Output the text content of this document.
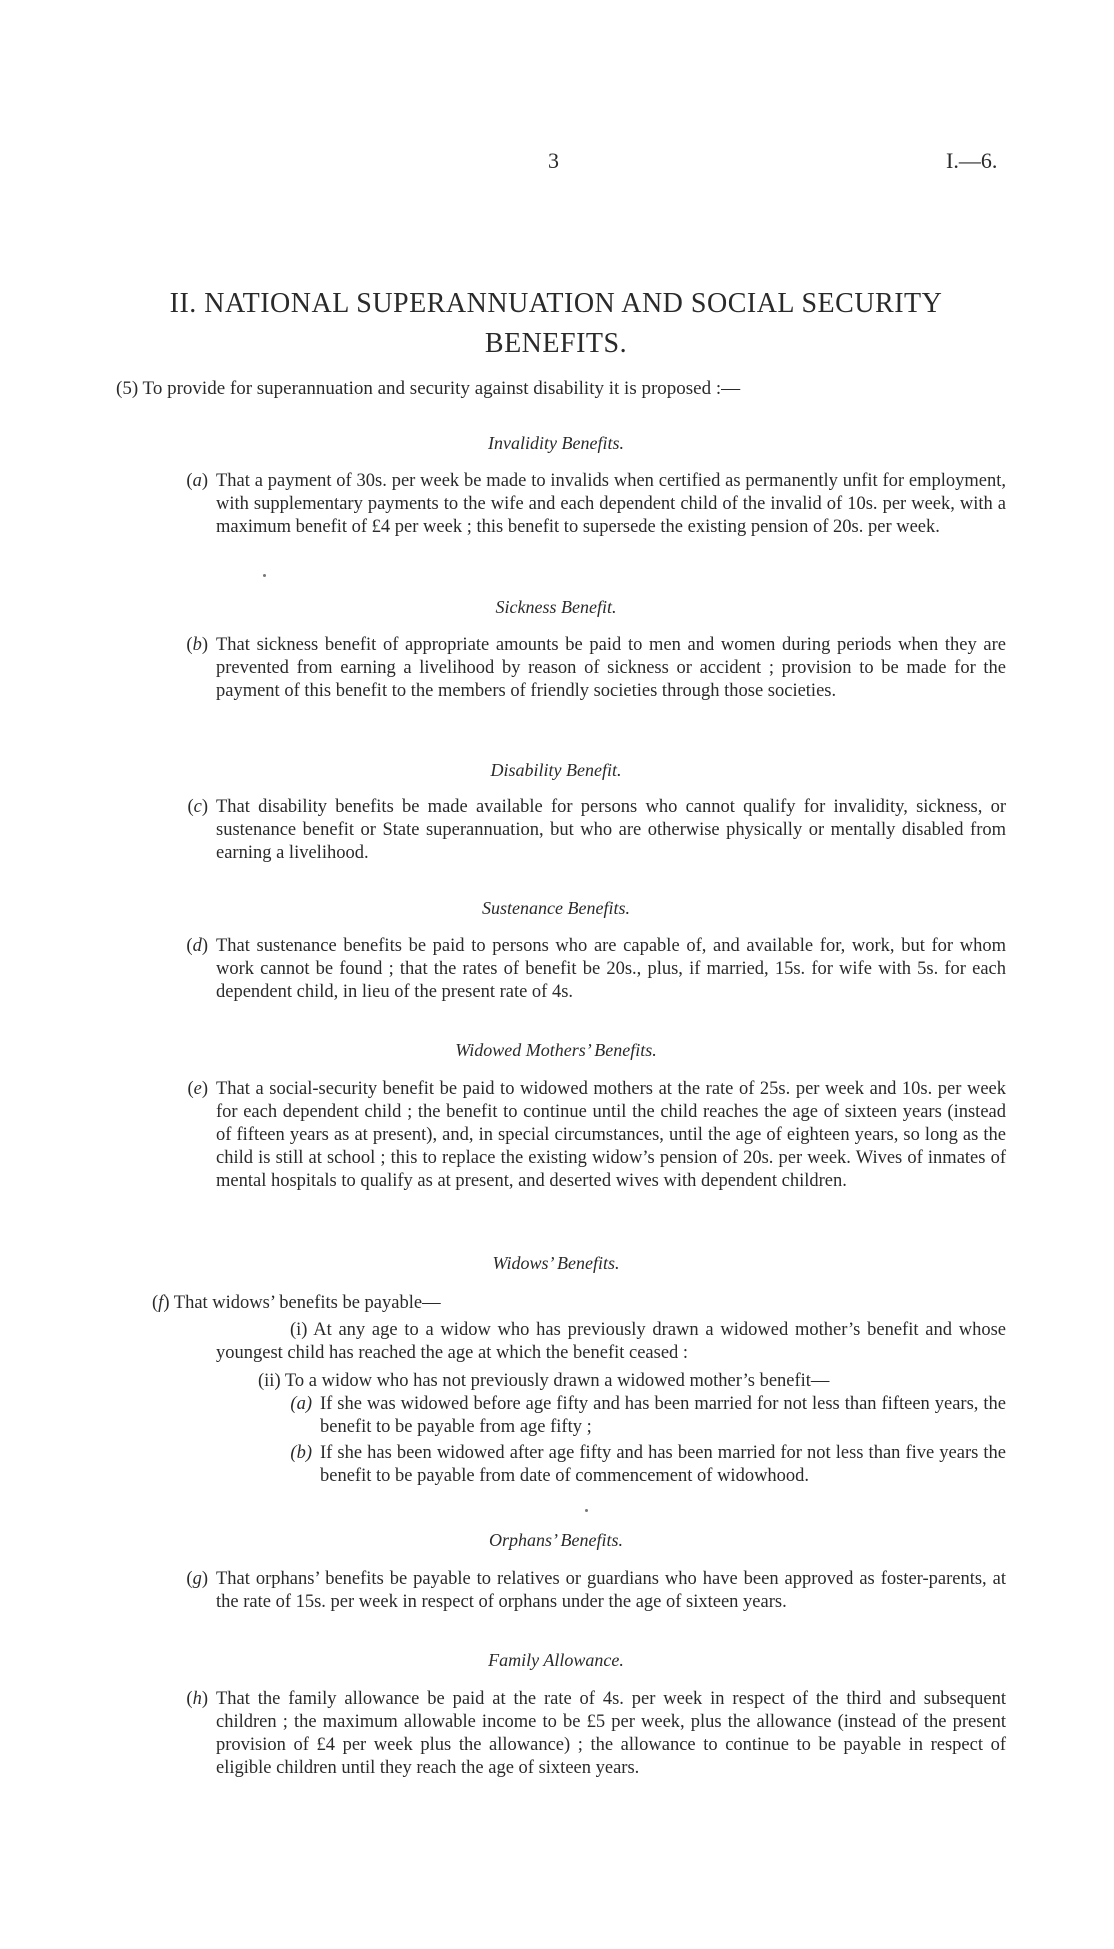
3	I.—6.
II. NATIONAL SUPERANNUATION AND SOCIAL SECURITY BENEFITS.
(5) To provide for superannuation and security against disability it is proposed :—
Invalidity Benefits.
(a) That a payment of 30s. per week be made to invalids when certified as permanently unfit for employment, with supplementary payments to the wife and each dependent child of the invalid of 10s. per week, with a maximum benefit of £4 per week ; this benefit to supersede the existing pension of 20s. per week.
Sickness Benefit.
(b) That sickness benefit of appropriate amounts be paid to men and women during periods when they are prevented from earning a livelihood by reason of sickness or accident ; provision to be made for the payment of this benefit to the members of friendly societies through those societies.
Disability Benefit.
(c) That disability benefits be made available for persons who cannot qualify for invalidity, sickness, or sustenance benefit or State superannuation, but who are otherwise physically or mentally disabled from earning a livelihood.
Sustenance Benefits.
(d) That sustenance benefits be paid to persons who are capable of, and available for, work, but for whom work cannot be found ; that the rates of benefit be 20s., plus, if married, 15s. for wife with 5s. for each dependent child, in lieu of the present rate of 4s.
Widowed Mothers’ Benefits.
(e) That a social-security benefit be paid to widowed mothers at the rate of 25s. per week and 10s. per week for each dependent child ; the benefit to continue until the child reaches the age of sixteen years (instead of fifteen years as at present), and, in special circumstances, until the age of eighteen years, so long as the child is still at school ; this to replace the existing widow’s pension of 20s. per week. Wives of inmates of mental hospitals to qualify as at present, and deserted wives with dependent children.
Widows’ Benefits.
(f) That widows’ benefits be payable—
(i) At any age to a widow who has previously drawn a widowed mother’s benefit and whose youngest child has reached the age at which the benefit ceased :
(ii) To a widow who has not previously drawn a widowed mother’s benefit—
(a) If she was widowed before age fifty and has been married for not less than fifteen years, the benefit to be payable from age fifty ;
(b) If she has been widowed after age fifty and has been married for not less than five years the benefit to be payable from date of commencement of widowhood.
Orphans’ Benefits.
(g) That orphans’ benefits be payable to relatives or guardians who have been approved as foster-parents, at the rate of 15s. per week in respect of orphans under the age of sixteen years.
Family Allowance.
(h) That the family allowance be paid at the rate of 4s. per week in respect of the third and subsequent children ; the maximum allowable income to be £5 per week, plus the allowance (instead of the present provision of £4 per week plus the allowance) ; the allowance to continue to be payable in respect of eligible children until they reach the age of sixteen years.
